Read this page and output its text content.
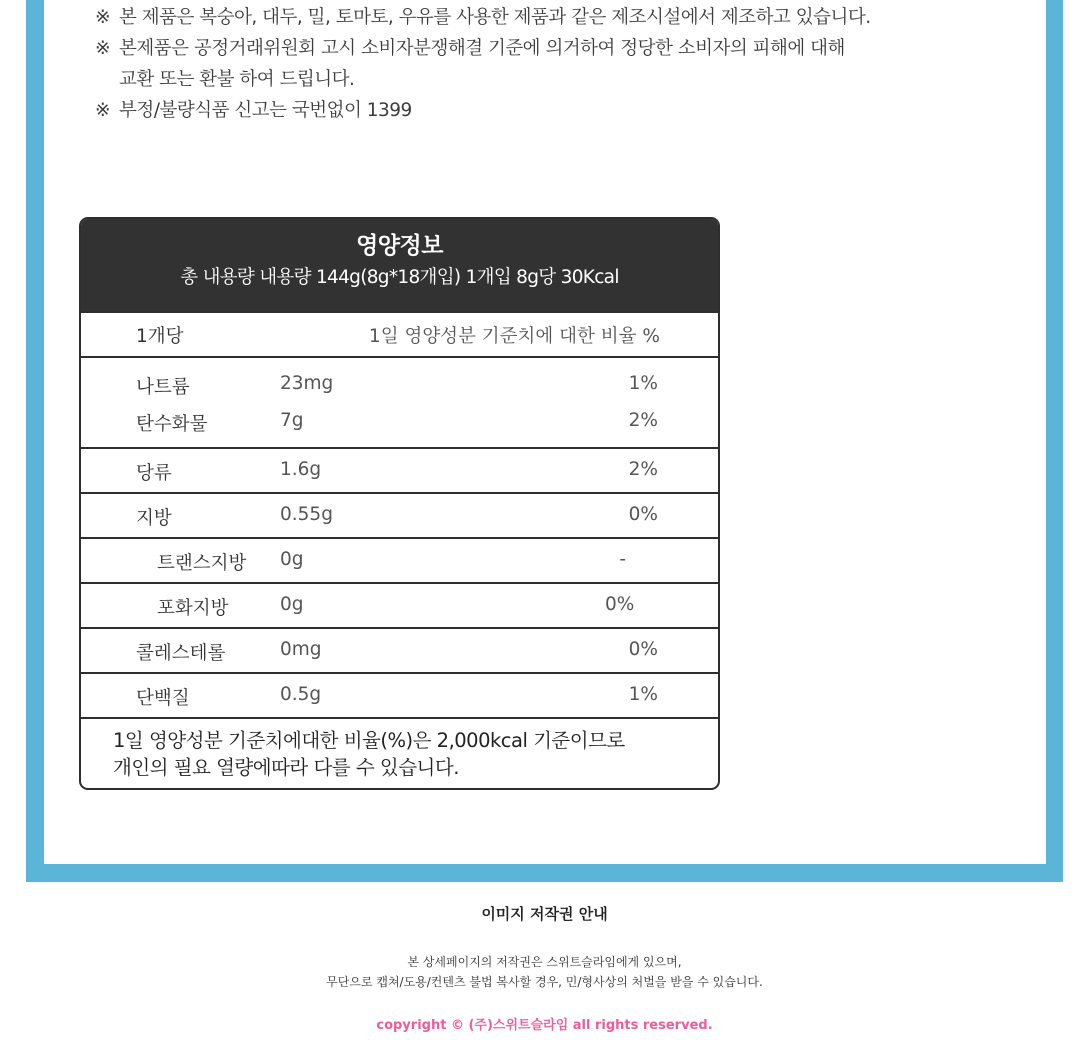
※ 본 제품은 복숭아, 대두, 밀, 토마토, 우유를 사용한 제품과 같은 제조시설에서 제조하고 있습니다.
※ 본제품은 공정거래위원회 고시 소비자분쟁해결 기준에 의거하여 정당한 소비자의 피해에 대해
교환 또는 환불 하여 드립니다.
※ 부정/불량식품 신고는 국번없이 1399
영양정보
총 내용량 내용량 144g(8g*18개입) 1개입 8g당 30Kcal
1개당	1일 영양성분 기준치에 대한 비율 %
나트륨	23mg	1%
탄수화물	7g	2%
당류	1.6g	2%
지방	0.55g	0%
트랜스지방 0g	-
포화지방	0g	0%
콜레스테롤	0mg	0%
단백질	0.5g	1%
1일 영양성분 기준치에대한 비율(%)은 2,000kcal 기준이므로
개인의 필요 열량에따라 다를 수 있습니다.
이미지 저작권 안내
본 상세페이지의 저작권은 스위트슬라임에게 있으며,
무단으로 캡쳐/도용/컨텐츠 불법 복사할 경우, 민/형사상의 처벌을 받을 수 있습니다.
copyright © (주)스위트슬라임 all rights reserved.
